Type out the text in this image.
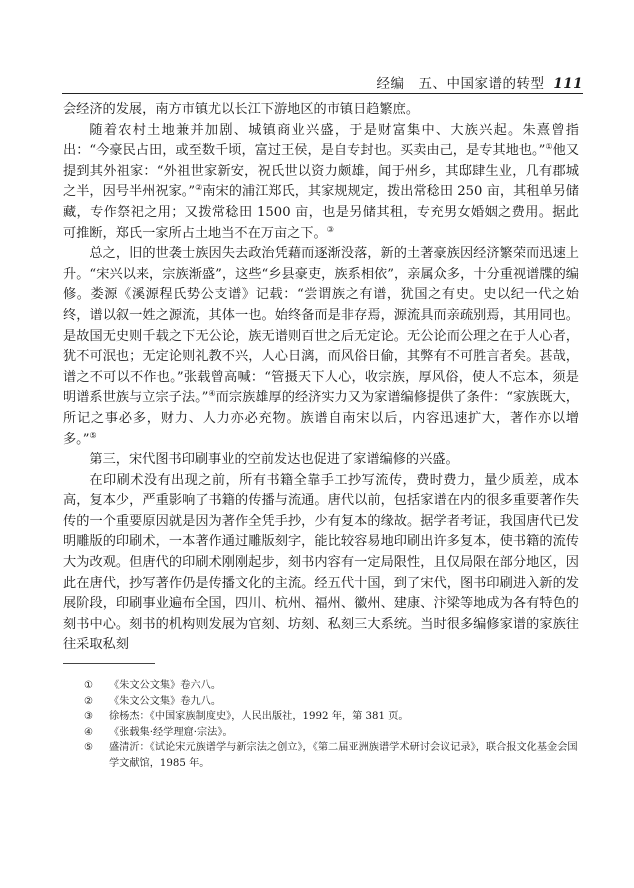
经编　五、中国家谱的转型 111

会经济的发展，南方市镇尤以长江下游地区的市镇日趋繁庶。

随着农村土地兼并加剧、城镇商业兴盛，于是财富集中、大族兴起。朱熹曾指出：“今豪民占田，或至数千顷，富过王侯，是自专封也。买卖由己，是专其地也。”①他又提到其外祖家：“外祖世家新安，祝氏世以资力颇雄，闻于州乡，其邸肆生业，几有郡城之半，因号半州祝家。”②南宋的浦江郑氏，其家规规定，拨出常稔田 250 亩，其租单另储藏，专作祭祀之用；又拨常稔田 1500 亩，也是另储其租，专充男女婚姻之费用。据此可推断，郑氏一家所占土地当不在万亩之下。③

总之，旧的世袭士族因失去政治凭藉而逐渐没落，新的土著豪族因经济繁荣而迅速上升。“宋兴以来，宗族渐盛”，这些“乡县豪吏，族系相依”，亲属众多，十分重视谱牒的编修。娄源《溪源程氏势公支谱》记载：“尝谓族之有谱，犹国之有史。史以纪一代之始终，谱以叙一姓之源流，其体一也。始终备而是非存焉，源流具而亲疏别焉，其用同也。是故国无史则千载之下无公论，族无谱则百世之后无定论。无公论而公理之在于人心者，犹不可泯也；无定论则礼教不兴，人心日漓，而风俗日偷，其弊有不可胜言者矣。甚哉，谱之不可以不作也。”张载曾高喊：“管摄天下人心，收宗族，厚风俗，使人不忘本，须是明谱系世族与立宗子法。”④而宗族雄厚的经济实力又为家谱编修提供了条件：“家族既大，所记之事必多，财力、人力亦必充物。族谱自南宋以后，内容迅速扩大，著作亦以增多。”⑤

第三，宋代图书印刷事业的空前发达也促进了家谱编修的兴盛。

在印刷术没有出现之前，所有书籍全靠手工抄写流传，费时费力，量少质差，成本高，复本少，严重影响了书籍的传播与流通。唐代以前，包括家谱在内的很多重要著作失传的一个重要原因就是因为著作全凭手抄，少有复本的缘故。据学者考证，我国唐代已发明雕版的印刷术，一本著作通过雕版刻字，能比较容易地印刷出许多复本，使书籍的流传大为改观。但唐代的印刷术刚刚起步，刻书内容有一定局限性，且仅局限在部分地区，因此在唐代，抄写著作仍是传播文化的主流。经五代十国，到了宋代，图书印刷进入新的发展阶段，印刷事业遍布全国，四川、杭州、福州、徽州、建康、汴梁等地成为各有特色的刻书中心。刻书的机构则发展为官刻、坊刻、私刻三大系统。当时很多编修家谱的家族往往采取私刻

①	《朱文公文集》卷六八。
②	《朱文公文集》卷九八。
③	徐杨杰：《中国家族制度史》，人民出版社，1992 年，第 381 页。
④	《张载集·经学理窟·宗法》。
⑤	盛清沂：《试论宋元族谱学与新宗法之创立》，《第二届亚洲族谱学术研讨会议记录》，联合报文化基金会国学文献馆，1985 年。
